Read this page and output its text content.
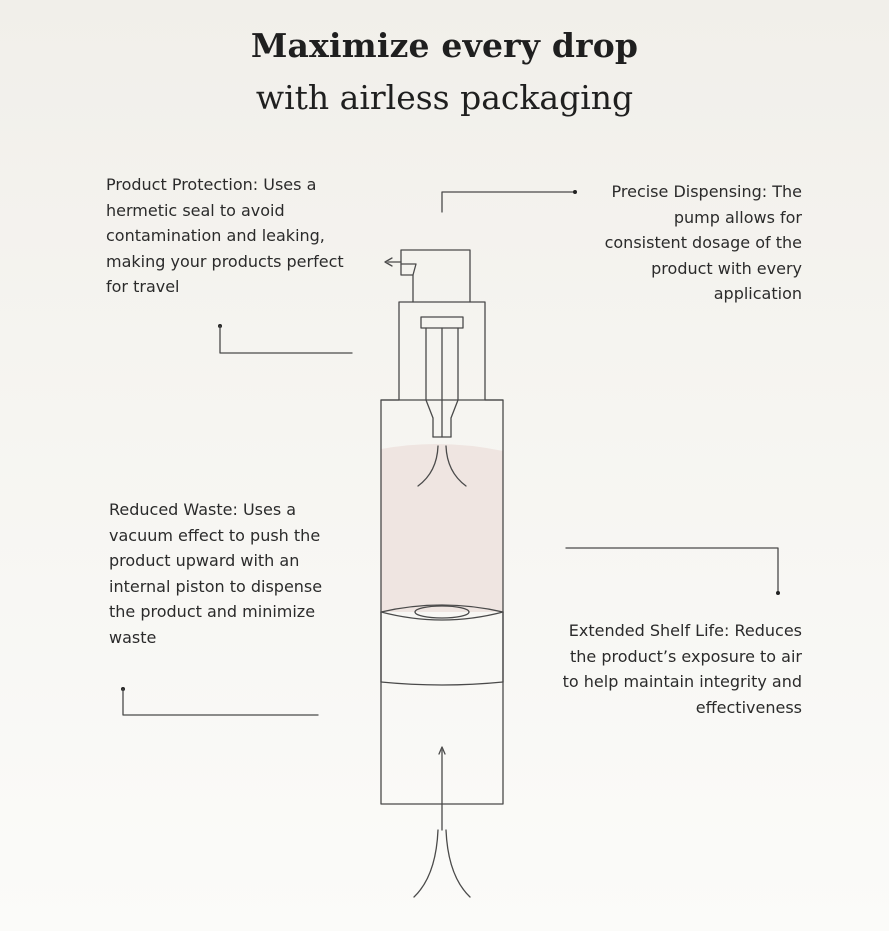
Maximize every drop
with airless packaging
Product Protection: Uses a
hermetic seal to avoid
contamination and leaking,
making your products perfect
for travel
Precise Dispensing: The
pump allows for
consistent dosage of the
product with every
application
Reduced Waste: Uses a
vacuum effect to push the
product upward with an
internal piston to dispense
the product and minimize
waste	Extended Shelf Life: Reduces
the product’s exposure to air
to help maintain integrity and
effectiveness
